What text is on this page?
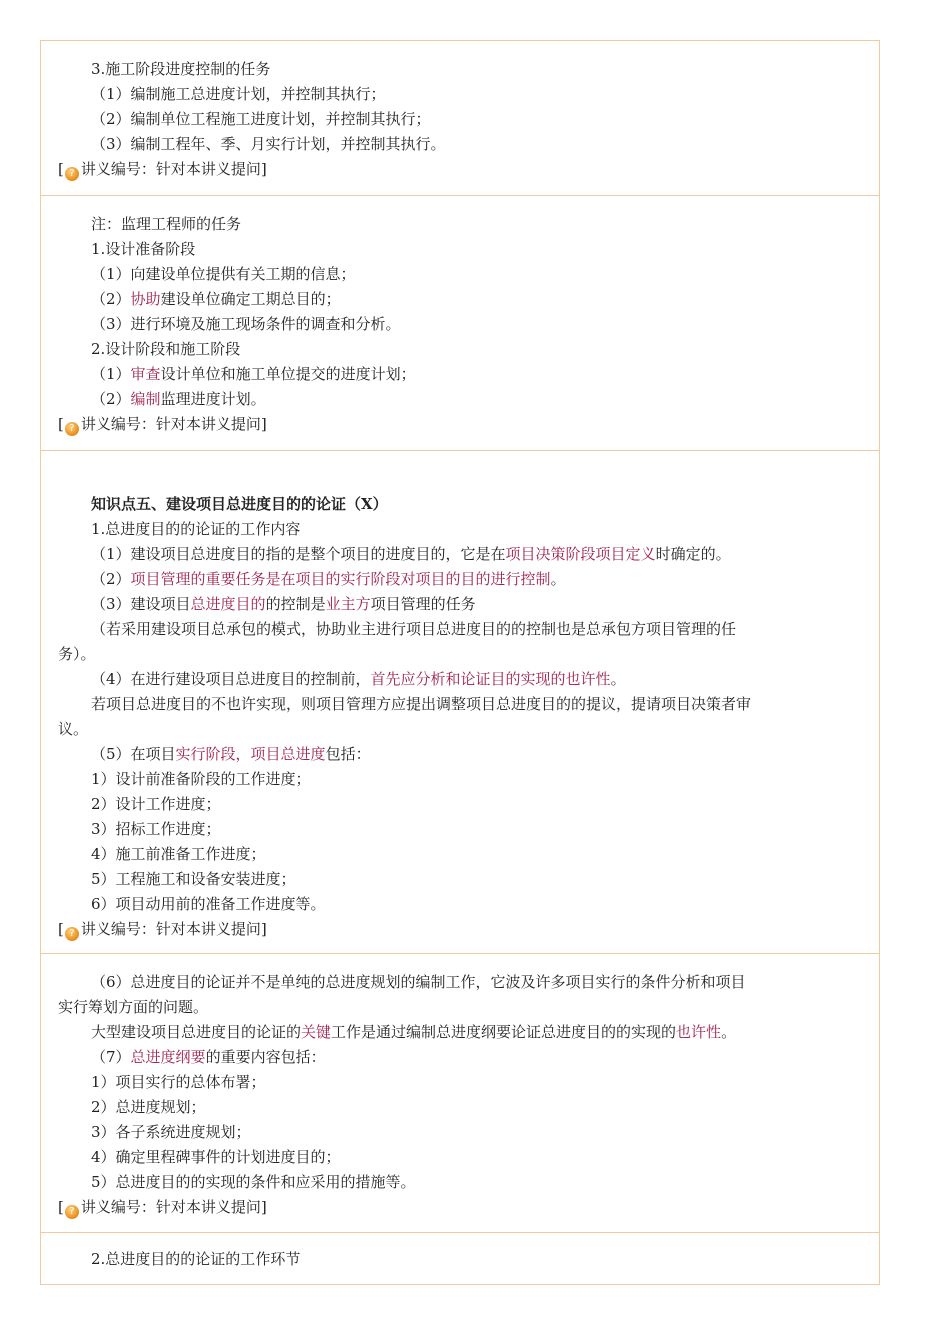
3.施工阶段进度控制的任务
（1）编制施工总进度计划，并控制其执行；
（2）编制单位工程施工进度计划，并控制其执行；
（3）编制工程年、季、月实行计划，并控制其执行。
[ ? 讲义编号：针对本讲义提问]
注：监理工程师的任务
1.设计准备阶段
（1）向建设单位提供有关工期的信息；
（2）协助建设单位确定工期总目的；
（3）进行环境及施工现场条件的调查和分析。
2.设计阶段和施工阶段
（1）审查设计单位和施工单位提交的进度计划；
（2）编制监理进度计划。
[ ? 讲义编号：针对本讲义提问]
知识点五、建设项目总进度目的的论证（X）
1.总进度目的的论证的工作内容
（1）建设项目总进度目的指的是整个项目的进度目的，它是在项目决策阶段项目定义时确定的。
（2）项目管理的重要任务是在项目的实行阶段对项目的目的进行控制。
（3）建设项目总进度目的的控制是业主方项目管理的任务
（若采用建设项目总承包的模式，协助业主进行项目总进度目的的控制也是总承包方项目管理的任
务）。
（4）在进行建设项目总进度目的控制前，首先应分析和论证目的实现的也许性。
若项目总进度目的不也许实现，则项目管理方应提出调整项目总进度目的的提议，提请项目决策者审
议。
（5）在项目实行阶段，项目总进度包括：
1）设计前准备阶段的工作进度；
2）设计工作进度；
3）招标工作进度；
4）施工前准备工作进度；
5）工程施工和设备安装进度；
6）项目动用前的准备工作进度等。
[ ? 讲义编号：针对本讲义提问]
（6）总进度目的论证并不是单纯的总进度规划的编制工作，它波及许多项目实行的条件分析和项目
实行筹划方面的问题。
大型建设项目总进度目的论证的关键工作是通过编制总进度纲要论证总进度目的的实现的也许性。
（7）总进度纲要的重要内容包括：
1）项目实行的总体布署；
2）总进度规划；
3）各子系统进度规划；
4）确定里程碑事件的计划进度目的；
5）总进度目的的实现的条件和应采用的措施等。
[ ? 讲义编号：针对本讲义提问]
2.总进度目的的论证的工作环节
